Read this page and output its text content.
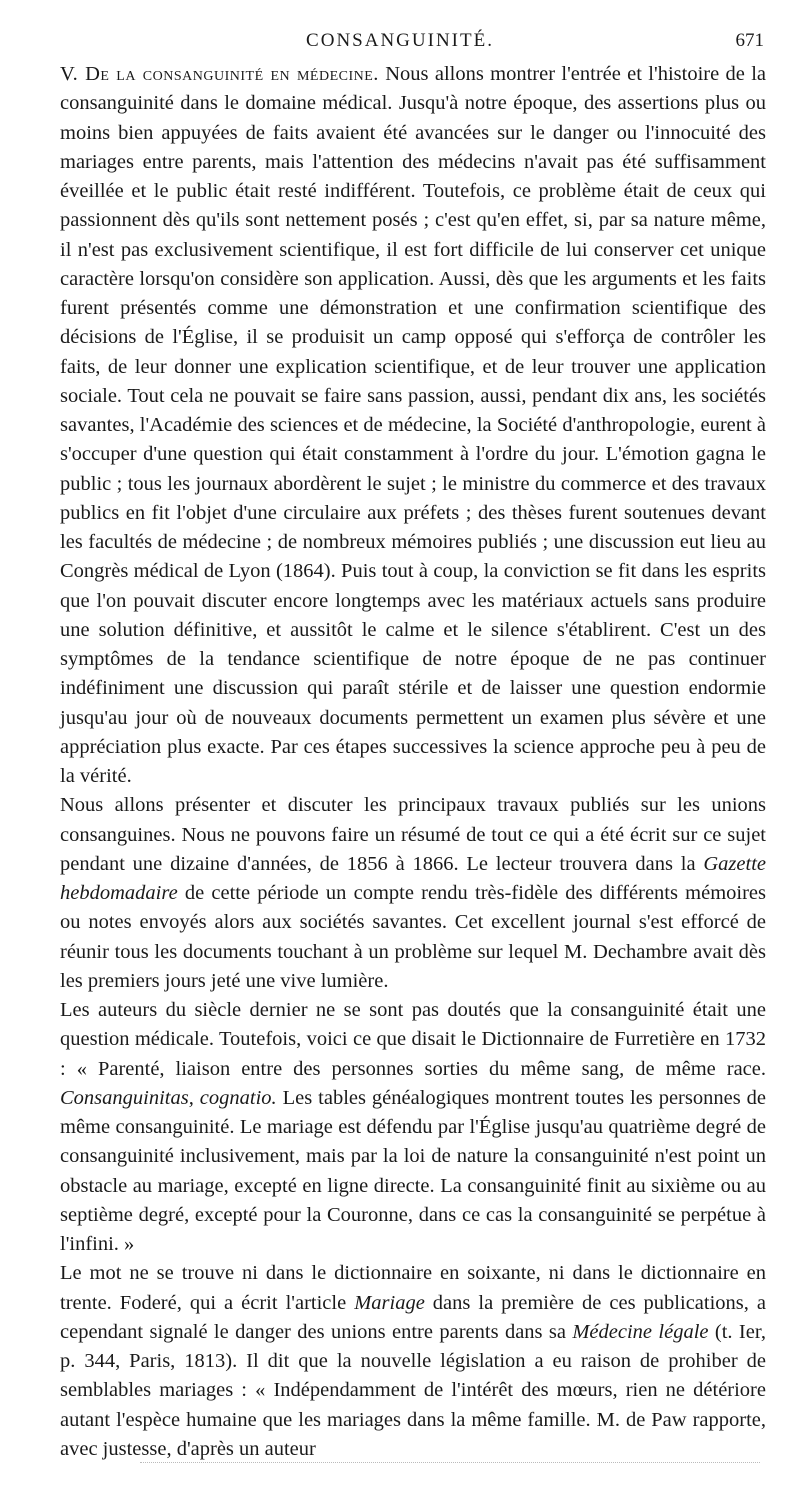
CONSANGUINITÉ.	671

V. De la consanguinité en médecine. Nous allons montrer l'entrée et l'histoire de la consanguinité dans le domaine médical. Jusqu'à notre époque, des assertions plus ou moins bien appuyées de faits avaient été avancées sur le danger ou l'innocuité des mariages entre parents, mais l'attention des médecins n'avait pas été suffisamment éveillée et le public était resté indifférent. Toutefois, ce problème était de ceux qui passionnent dès qu'ils sont nettement posés ; c'est qu'en effet, si, par sa nature même, il n'est pas exclusivement scientifique, il est fort difficile de lui conserver cet unique caractère lorsqu'on considère son application. Aussi, dès que les arguments et les faits furent présentés comme une démonstration et une confirmation scientifique des décisions de l'Église, il se produisit un camp opposé qui s'efforça de contrôler les faits, de leur donner une explication scientifique, et de leur trouver une application sociale. Tout cela ne pouvait se faire sans passion, aussi, pendant dix ans, les sociétés savantes, l'Académie des sciences et de médecine, la Société d'anthropologie, eurent à s'occuper d'une question qui était constamment à l'ordre du jour. L'émotion gagna le public ; tous les journaux abordèrent le sujet ; le ministre du commerce et des travaux publics en fit l'objet d'une circulaire aux préfets ; des thèses furent soutenues devant les facultés de médecine ; de nombreux mémoires publiés ; une discussion eut lieu au Congrès médical de Lyon (1864). Puis tout à coup, la conviction se fit dans les esprits que l'on pouvait discuter encore longtemps avec les matériaux actuels sans produire une solution définitive, et aussitôt le calme et le silence s'établirent. C'est un des symptômes de la tendance scientifique de notre époque de ne pas continuer indéfiniment une discussion qui paraît stérile et de laisser une question endormie jusqu'au jour où de nouveaux documents permettent un examen plus sévère et une appréciation plus exacte. Par ces étapes successives la science approche peu à peu de la vérité.

Nous allons présenter et discuter les principaux travaux publiés sur les unions consanguines. Nous ne pouvons faire un résumé de tout ce qui a été écrit sur ce sujet pendant une dizaine d'années, de 1856 à 1866. Le lecteur trouvera dans la Gazette hebdomadaire de cette période un compte rendu très-fidèle des différents mémoires ou notes envoyés alors aux sociétés savantes. Cet excellent journal s'est efforcé de réunir tous les documents touchant à un problème sur lequel M. Dechambre avait dès les premiers jours jeté une vive lumière.

Les auteurs du siècle dernier ne se sont pas doutés que la consanguinité était une question médicale. Toutefois, voici ce que disait le Dictionnaire de Furretière en 1732 : « Parenté, liaison entre des personnes sorties du même sang, de même race. Consanguinitas, cognatio. Les tables généalogiques montrent toutes les personnes de même consanguinité. Le mariage est défendu par l'Église jusqu'au quatrième degré de consanguinité inclusivement, mais par la loi de nature la consanguinité n'est point un obstacle au mariage, excepté en ligne directe. La consanguinité finit au sixième ou au septième degré, excepté pour la Couronne, dans ce cas la consanguinité se perpétue à l'infini. »

Le mot ne se trouve ni dans le dictionnaire en soixante, ni dans le dictionnaire en trente. Foderé, qui a écrit l'article Mariage dans la première de ces publications, a cependant signalé le danger des unions entre parents dans sa Médecine légale (t. Ier, p. 344, Paris, 1813). Il dit que la nouvelle législation a eu raison de prohiber de semblables mariages : « Indépendamment de l'intérêt des mœurs, rien ne détériore autant l'espèce humaine que les mariages dans la même famille. M. de Paw rapporte, avec justesse, d'après un auteur
